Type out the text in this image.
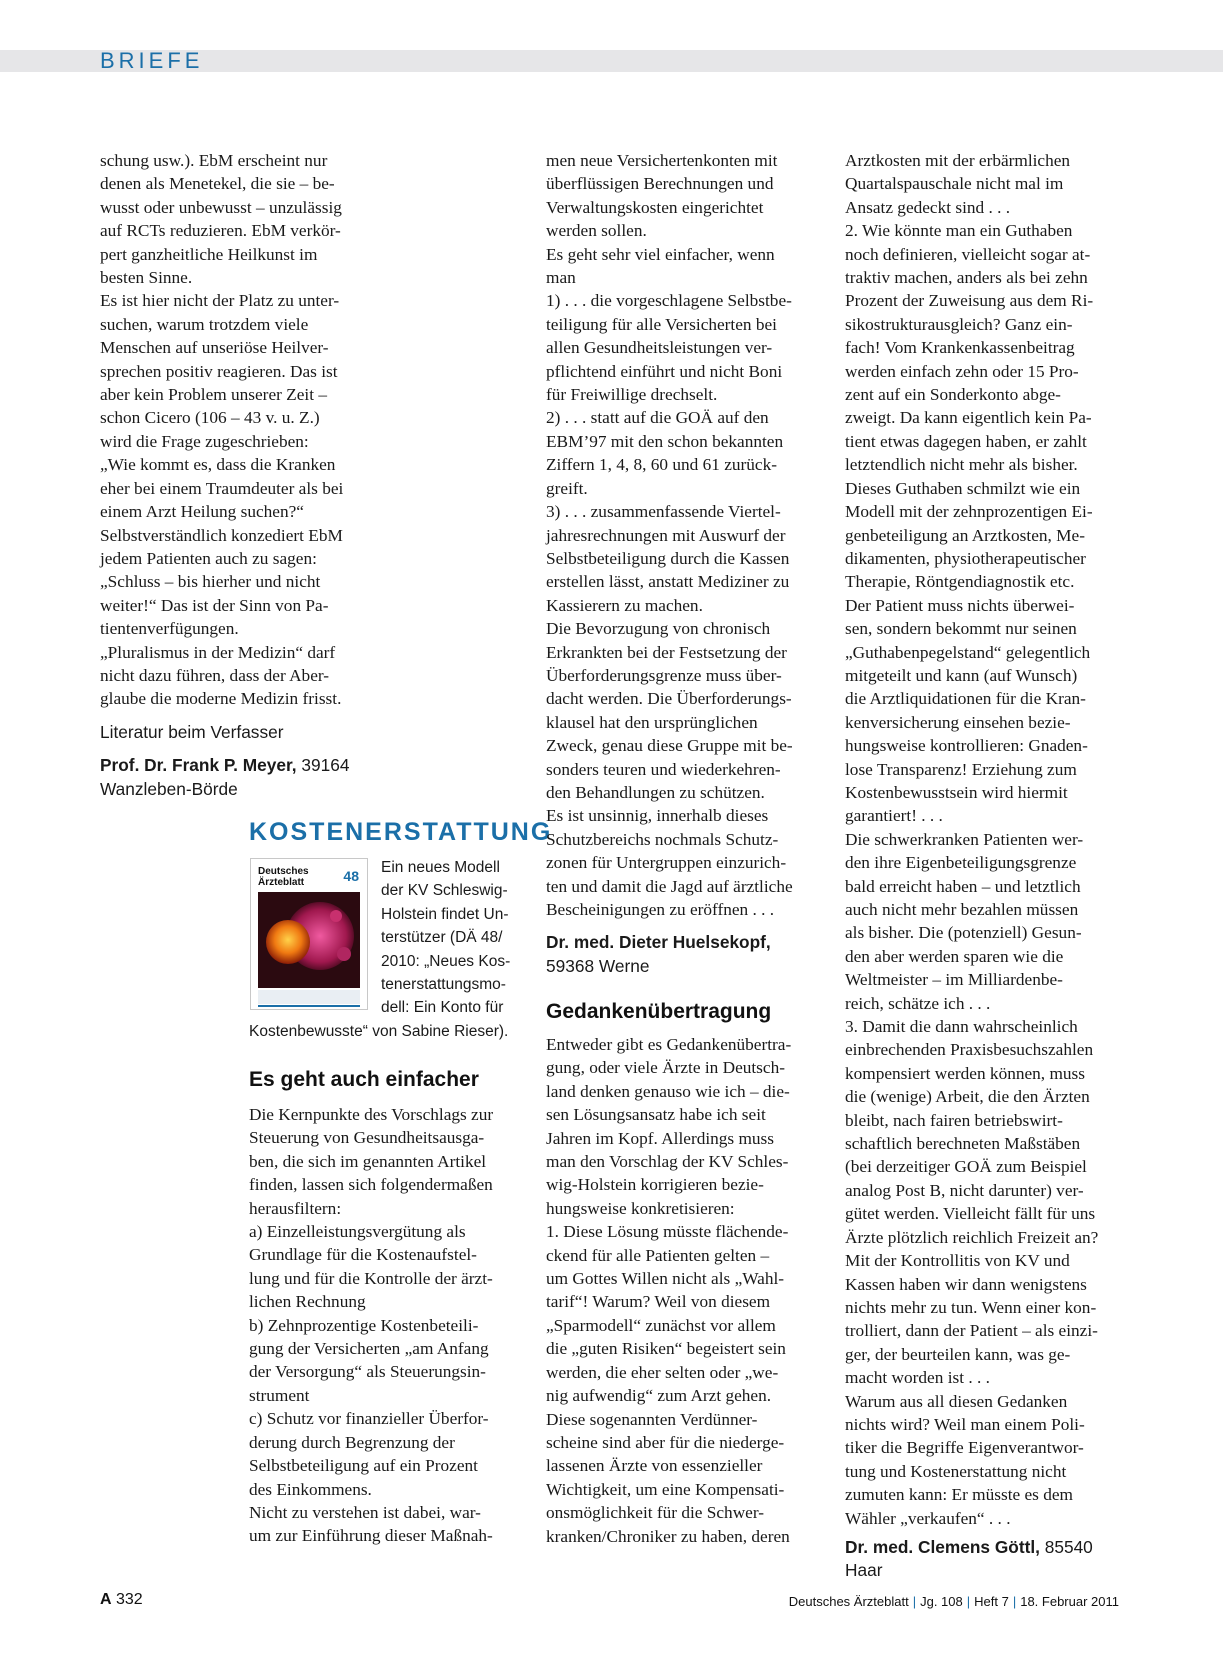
BRIEFE

schung usw.). EbM erscheint nur
denen als Menetekel, die sie – be-
wusst oder unbewusst – unzulässig
auf RCTs reduzieren. EbM verkör-
pert ganzheitliche Heilkunst im
besten Sinne.
Es ist hier nicht der Platz zu unter-
suchen, warum trotzdem viele
Menschen auf unseriöse Heilver-
sprechen positiv reagieren. Das ist
aber kein Problem unserer Zeit –
schon Cicero (106 – 43 v. u. Z.)
wird die Frage zugeschrieben:
„Wie kommt es, dass die Kranken
eher bei einem Traumdeuter als bei
einem Arzt Heilung suchen?“
Selbstverständlich konzediert EbM
jedem Patienten auch zu sagen:
„Schluss – bis hierher und nicht
weiter!“ Das ist der Sinn von Pa-
tientenverfügungen.
„Pluralismus in der Medizin“ darf
nicht dazu führen, dass der Aber-
glaube die moderne Medizin frisst.

Literatur beim Verfasser

Prof. Dr. Frank P. Meyer, 39164 Wanzleben-Börde

KOSTENERSTATTUNG
Deutsches
Ärzteblatt	48	Ein neues Modell
der KV Schleswig-
Holstein findet Un-
terstützer (DÄ 48/
2010: „Neues Kos-
tenerstattungsmo-
dell: Ein Konto für
Kostenbewusste“ von Sabine Rieser).
Es geht auch einfacher

Die Kernpunkte des Vorschlags zur
Steuerung von Gesundheitsausga-
ben, die sich im genannten Artikel
finden, lassen sich folgendermaßen
herausfiltern:
a) Einzelleistungsvergütung als
Grundlage für die Kostenaufstel-
lung und für die Kontrolle der ärzt-
lichen Rechnung
b) Zehnprozentige Kostenbeteili-
gung der Versicherten „am Anfang
der Versorgung“ als Steuerungsin-
strument
c) Schutz vor finanzieller Überfor-
derung durch Begrenzung der
Selbstbeteiligung auf ein Prozent
des Einkommens.
Nicht zu verstehen ist dabei, war-
um zur Einführung dieser Maßnah-

men neue Versichertenkonten mit
überflüssigen Berechnungen und
Verwaltungskosten eingerichtet
werden sollen.
Es geht sehr viel einfacher, wenn
man
1) . . . die vorgeschlagene Selbstbe-
teiligung für alle Versicherten bei
allen Gesundheitsleistungen ver-
pflichtend einführt und nicht Boni
für Freiwillige drechselt.
2) . . . statt auf die GOÄ auf den
EBM’97 mit den schon bekannten
Ziffern 1, 4, 8, 60 und 61 zurück-
greift.
3) . . . zusammenfassende Viertel-
jahresrechnungen mit Auswurf der
Selbstbeteiligung durch die Kassen
erstellen lässt, anstatt Mediziner zu
Kassierern zu machen.
Die Bevorzugung von chronisch
Erkrankten bei der Festsetzung der
Überforderungsgrenze muss über-
dacht werden. Die Überforderungs-
klausel hat den ursprünglichen
Zweck, genau diese Gruppe mit be-
sonders teuren und wiederkehren-
den Behandlungen zu schützen.
Es ist unsinnig, innerhalb dieses
Schutzbereichs nochmals Schutz-
zonen für Untergruppen einzurich-
ten und damit die Jagd auf ärztliche
Bescheinigungen zu eröffnen . . .

Dr. med. Dieter Huelsekopf, 59368 Werne

Gedankenübertragung

Entweder gibt es Gedankenübertra-
gung, oder viele Ärzte in Deutsch-
land denken genauso wie ich – die-
sen Lösungsansatz habe ich seit
Jahren im Kopf. Allerdings muss
man den Vorschlag der KV Schles-
wig-Holstein korrigieren bezie-
hungsweise konkretisieren:
1. Diese Lösung müsste flächende-
ckend für alle Patienten gelten –
um Gottes Willen nicht als „Wahl-
tarif“! Warum? Weil von diesem
„Sparmodell“ zunächst vor allem
die „guten Risiken“ begeistert sein
werden, die eher selten oder „we-
nig aufwendig“ zum Arzt gehen.
Diese sogenannten Verdünner-
scheine sind aber für die niederge-
lassenen Ärzte von essenzieller
Wichtigkeit, um eine Kompensati-
onsmöglichkeit für die Schwer-
kranken/Chroniker zu haben, deren

Arztkosten mit der erbärmlichen
Quartalspauschale nicht mal im
Ansatz gedeckt sind . . .
2. Wie könnte man ein Guthaben
noch definieren, vielleicht sogar at-
traktiv machen, anders als bei zehn
Prozent der Zuweisung aus dem Ri-
sikostrukturausgleich? Ganz ein-
fach! Vom Krankenkassenbeitrag
werden einfach zehn oder 15 Pro-
zent auf ein Sonderkonto abge-
zweigt. Da kann eigentlich kein Pa-
tient etwas dagegen haben, er zahlt
letztendlich nicht mehr als bisher.
Dieses Guthaben schmilzt wie ein
Modell mit der zehnprozentigen Ei-
genbeteiligung an Arztkosten, Me-
dikamenten, physiotherapeutischer
Therapie, Röntgendiagnostik etc.
Der Patient muss nichts überwei-
sen, sondern bekommt nur seinen
„Guthabenpegelstand“ gelegentlich
mitgeteilt und kann (auf Wunsch)
die Arztliquidationen für die Kran-
kenversicherung einsehen bezie-
hungsweise kontrollieren: Gnaden-
lose Transparenz! Erziehung zum
Kostenbewusstsein wird hiermit
garantiert! . . .
Die schwerkranken Patienten wer-
den ihre Eigenbeteiligungsgrenze
bald erreicht haben – und letztlich
auch nicht mehr bezahlen müssen
als bisher. Die (potenziell) Gesun-
den aber werden sparen wie die
Weltmeister – im Milliardenbe-
reich, schätze ich . . .
3. Damit die dann wahrscheinlich
einbrechenden Praxisbesuchszahlen
kompensiert werden können, muss
die (wenige) Arbeit, die den Ärzten
bleibt, nach fairen betriebswirt-
schaftlich berechneten Maßstäben
(bei derzeitiger GOÄ zum Beispiel
analog Post B, nicht darunter) ver-
gütet werden. Vielleicht fällt für uns
Ärzte plötzlich reichlich Freizeit an?
Mit der Kontrollitis von KV und
Kassen haben wir dann wenigstens
nichts mehr zu tun. Wenn einer kon-
trolliert, dann der Patient – als einzi-
ger, der beurteilen kann, was ge-
macht worden ist . . .
Warum aus all diesen Gedanken
nichts wird? Weil man einem Poli-
tiker die Begriffe Eigenverantwor-
tung und Kostenerstattung nicht
zumuten kann: Er müsste es dem
Wähler „verkaufen“ . . .

Dr. med. Clemens Göttl, 85540 Haar

A 332	Deutsches Ärzteblatt | Jg. 108 | Heft 7 | 18. Februar 2011
